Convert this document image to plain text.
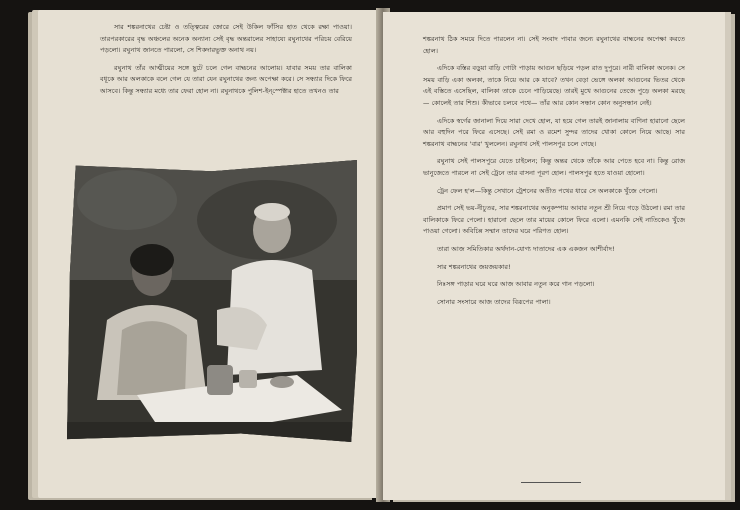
সার শঙ্করনাথের চেষ্টা ও তত্ত্বিরের জোরে সেই উকিল ফাঁসির হাত থেকে রক্ষা পাওয়া। তারপরকারের বৃদ্ধ অঞ্চলের অনেক অন্যান্য সেই বৃদ্ধ অন্তরালের সাহায্যে রঘুনাথের পরিচয় বেরিয়ে পড়লো। রঘুনাথ জানতে পারলো, সে শিকদারভুক্ত অনাথ নয়।

রঘুনাথ তাঁর আত্মীয়ের সঙ্গে ছুটে চলে গেল বাহ্মনের আলোয়। যাবার সময় তার বালিকা বধূকে আর অলকাকে বলে গেল যে তারা যেন রঘুনাথের জন্য অপেক্ষা করে। সে সন্ধ্যার দিকে ফিরে আসবে। কিন্তু সন্ধ্যার মধ্যে তার ফেরা হোল না। রঘুনাথকে পুলিশ-ইন্‌স্পেক্টার হাতে তখনও তার

শঙ্করনাথ ঠিক সময়ে দিতে পারলেন না। সেই সংবাদ পাবার জন্যে রঘুনাথের বাহ্মনের অপেক্ষা করতে হোল।

এদিকে বস্তির বড়ুয়া বাড়ি গোটা পাড়ায় আগুন ছড়িয়ে পড়ল রাত দুপুরে। নারী বালিকা অনেক। সে সময় বাড়ি একা অলকা, তাকে নিয়ে আর কে যাবে? তখন বেড়া ভেঙ্গে অলকা আগুনের ভিতর থেকে এই বস্তিতে এসেছিল, বালিকা তাকে চেনে পাড়িয়েছে। তারই মুখে আগুনের তেজে পুড়ে অলকা মরছে— কোলেই তার শিশু। কীভাবে চলবে পথে— তাঁর আর কোন সন্ধান কোন অনুসন্ধান নেই।

এদিকে স্বর্গের জানালা দিয়ে সারা দেখে হোল, যা হয়ে গেল তারই জানালায় বাণিনা হারানো ছেলে আর বহুদিন পরে ফিরে এসেছে। সেই রমা ও রমেশ সুন্দর তাদের খোকা কোলে নিয়ে আছে। সার শঙ্করনাথ বাহ্মনের 'বার' খুললেন। রঘুনাথ সেই পালসপুর চলে গেছে।

রঘুনাথ সেই পালসপুরে যেতে চাইলেন; কিন্তু অন্তর থেকে তাঁকে আর পেতে হবে না। কিন্তু রোজ ভানুজেতে পারলে না সেই ট্রেনে তার বাসনা পূরণ হোল। পালসপুর হতে যাওয়া হোলো।

ট্রেন ফেল হ'ল—কিন্তু সেখানে ট্রেশনের অতীত পথের ধারে সে অলকাকে খুঁজে পেলো।

প্রমাণ সেই ভয়-নীচুতর, সার শঙ্করনাথের অনুকম্পায় আবার নতুন শ্রী নিয়ে গড়ে উঠলো। রমা তার বালিকাকে ফিরে পেলো। হারানো ছেলে তার মায়ের কোলে ফিরে এলো। এমনকি সেই নাতিকেও খুঁজে পাওয়া গেলো। অবিচিন্ন সম্মান তাদের ঘরে পরিণত হোল।

তারা আজ সমিতিকার অর্থদান-যোগ্য দাতাদের এক একজন আশীর্বাদ!

সার শঙ্করনাথের জয়জয়কার!

নিঃসঙ্গ পাড়ার ঘরে ঘরে আজ আবার নতুন করে গান পড়লো।

সোনার সংসারে আজ তাদের বিরূপের পালা।
